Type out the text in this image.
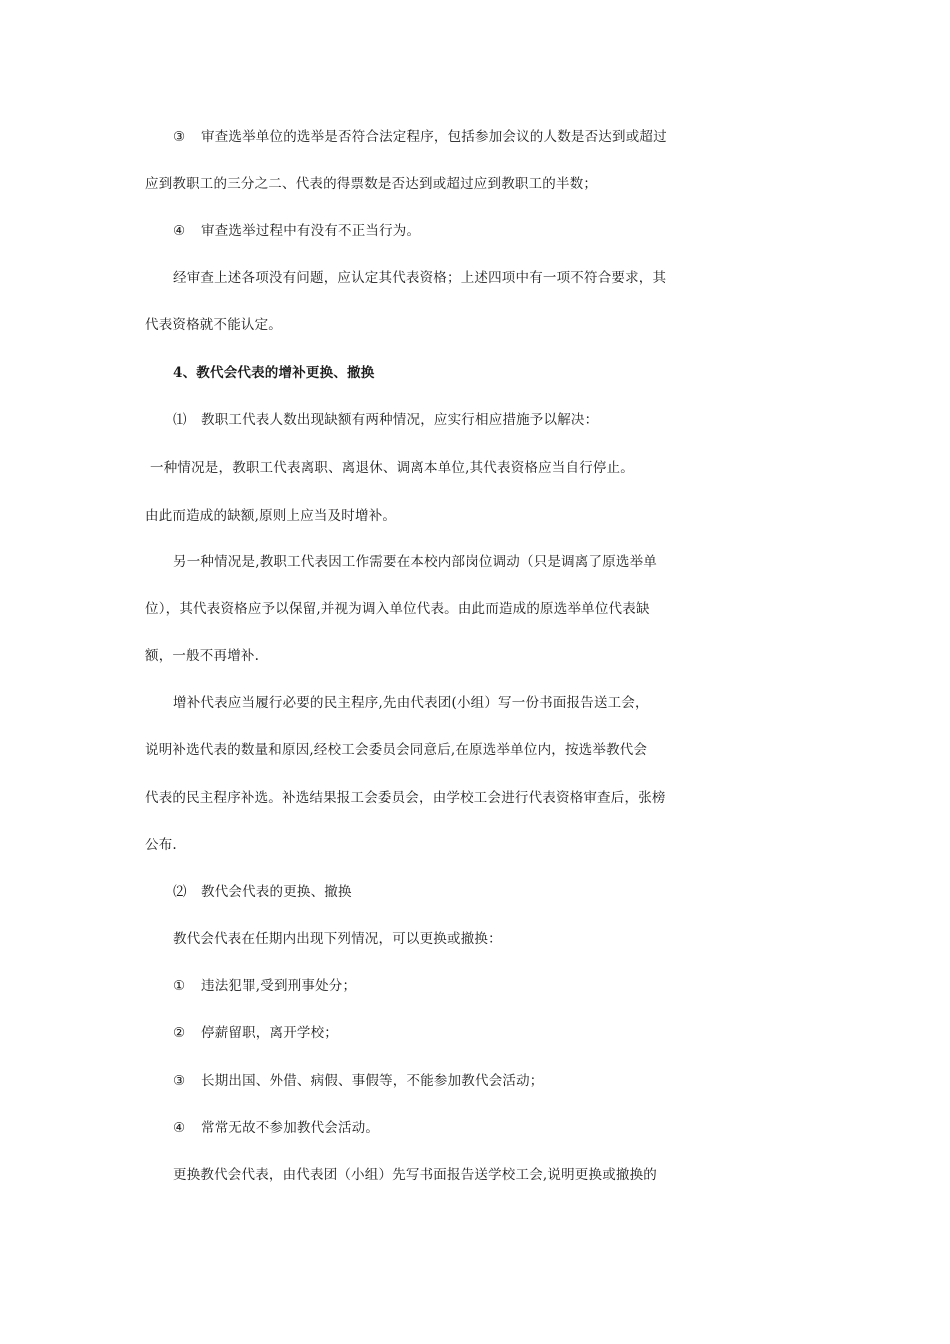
③ 审查选举单位的选举是否符合法定程序，包括参加会议的人数是否达到或超过
应到教职工的三分之二、代表的得票数是否达到或超过应到教职工的半数；
④ 审查选举过程中有没有不正当行为。
经审查上述各项没有问题，应认定其代表资格；上述四项中有一项不符合要求，其
代表资格就不能认定。
4、教代会代表的增补更换、撤换
⑴ 教职工代表人数出现缺额有两种情况，应实行相应措施予以解决：
一种情况是，教职工代表离职、离退休、调离本单位,其代表资格应当自行停止。
由此而造成的缺额,原则上应当及时增补。
另一种情况是,教职工代表因工作需要在本校内部岗位调动（只是调离了原选举单
位），其代表资格应予以保留,并视为调入单位代表。由此而造成的原选举单位代表缺
额，一般不再增补.
增补代表应当履行必要的民主程序,先由代表团(小组）写一份书面报告送工会，
说明补选代表的数量和原因,经校工会委员会同意后,在原选举单位内，按选举教代会
代表的民主程序补选。补选结果报工会委员会，由学校工会进行代表资格审查后，张榜
公布.
⑵ 教代会代表的更换、撤换
教代会代表在任期内出现下列情况，可以更换或撤换：
① 违法犯罪,受到刑事处分；
② 停薪留职，离开学校；
③ 长期出国、外借、病假、事假等，不能参加教代会活动；
④ 常常无故不参加教代会活动。
更换教代会代表，由代表团（小组）先写书面报告送学校工会,说明更换或撤换的
